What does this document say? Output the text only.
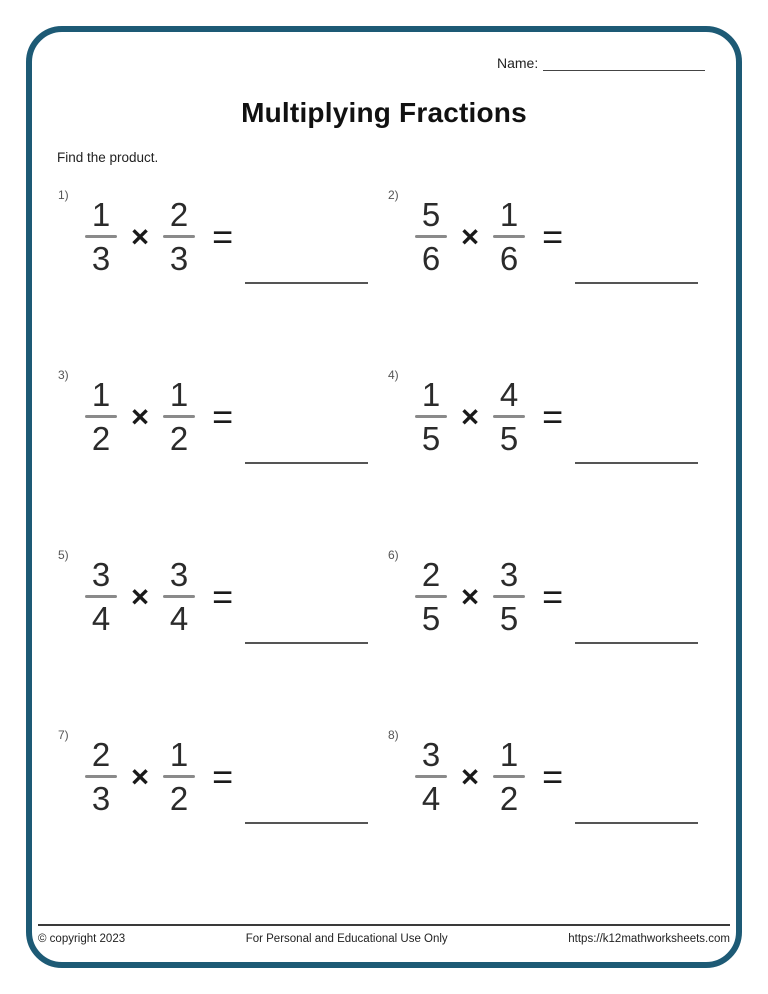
Name:
Multiplying Fractions
Find the product.
1)
$\frac{1}{3} \times \frac{2}{3}$ =
2)
$\frac{5}{6} \times \frac{1}{6}$ =
3)
$\frac{1}{2} \times \frac{1}{2}$ =
4)
$\frac{1}{5} \times \frac{4}{5}$ =
5)
$\frac{3}{4} \times \frac{3}{4}$ =
6)
$\frac{2}{5} \times \frac{3}{5}$ =
7)
$\frac{2}{3} \times \frac{1}{2}$ =
8)
$\frac{3}{4} \times \frac{1}{2}$ =
© copyright 2023	For Personal and Educational Use Only	https://k12mathworksheets.com
